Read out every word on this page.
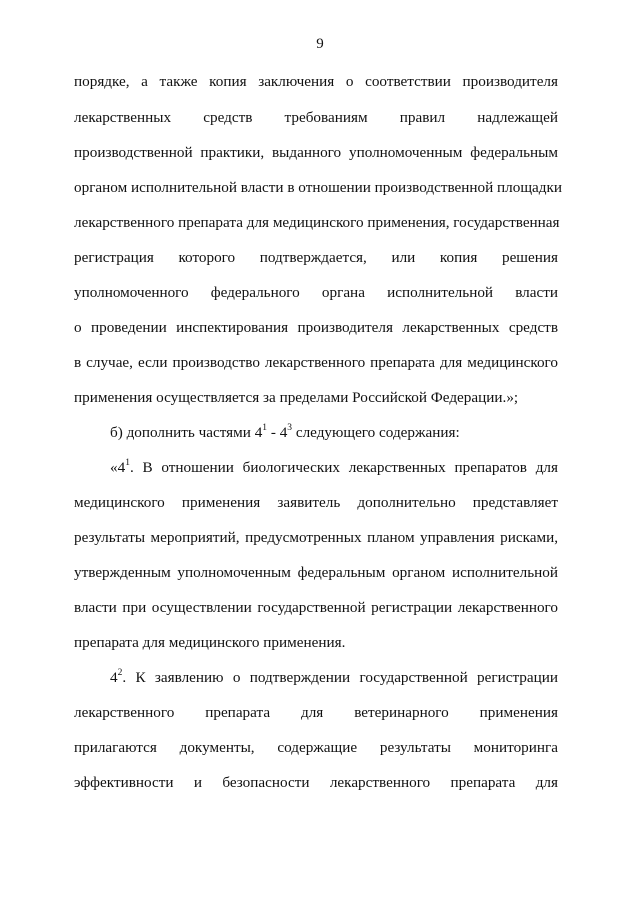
9
порядке, а также копия заключения о соответствии производителя
лекарственных средств требованиям правил надлежащей
производственной практики, выданного уполномоченным федеральным
органом исполнительной власти в отношении производственной площадки
лекарственного препарата для медицинского применения, государственная
регистрация которого подтверждается, или копия решения
уполномоченного федерального органа исполнительной власти
о проведении инспектирования производителя лекарственных средств
в случае, если производство лекарственного препарата для медицинского
применения осуществляется за пределами Российской Федерации.»;
б) дополнить частями $4^1 - 4^3$ следующего содержания:
«$4^1$. В отношении биологических лекарственных препаратов для
медицинского применения заявитель дополнительно представляет
результаты мероприятий, предусмотренных планом управления рисками,
утвержденным уполномоченным федеральным органом исполнительной
власти при осуществлении государственной регистрации лекарственного
препарата для медицинского применения.
$4^2$. К заявлению о подтверждении государственной регистрации
лекарственного препарата для ветеринарного применения
прилагаются документы, содержащие результаты мониторинга
эффективности и безопасности лекарственного препарата для
